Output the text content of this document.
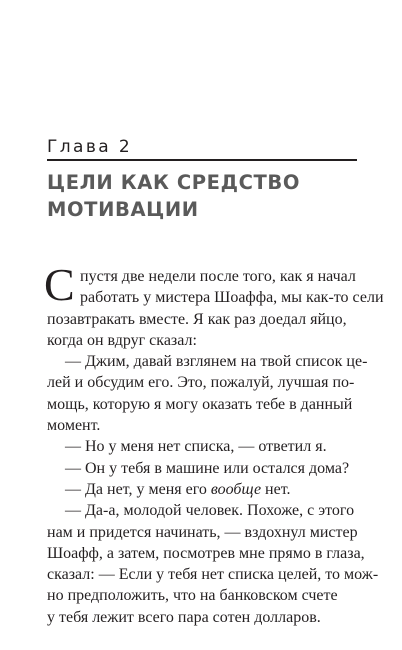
Глава 2
ЦЕЛИ КАК СРЕДСТВО
МОТИВАЦИИ
С пустя две недели после того, как я начал
работать у мистера Шоаффа, мы как-то сели
позавтракать вместе. Я как раз доедал яйцо,
когда он вдруг сказал:
— Джим, давай взглянем на твой список це-
лей и обсудим его. Это, пожалуй, лучшая по-
мощь, которую я могу оказать тебе в данный
момент.
— Но у меня нет списка, — ответил я.
— Он у тебя в машине или остался дома?
— Да нет, у меня его вообще нет.
— Да-а, молодой человек. Похоже, с этого
нам и придется начинать, — вздохнул мистер
Шоафф, а затем, посмотрев мне прямо в глаза,
сказал: — Если у тебя нет списка целей, то мож-
но предположить, что на банковском счете
у тебя лежит всего пара сотен долларов.
